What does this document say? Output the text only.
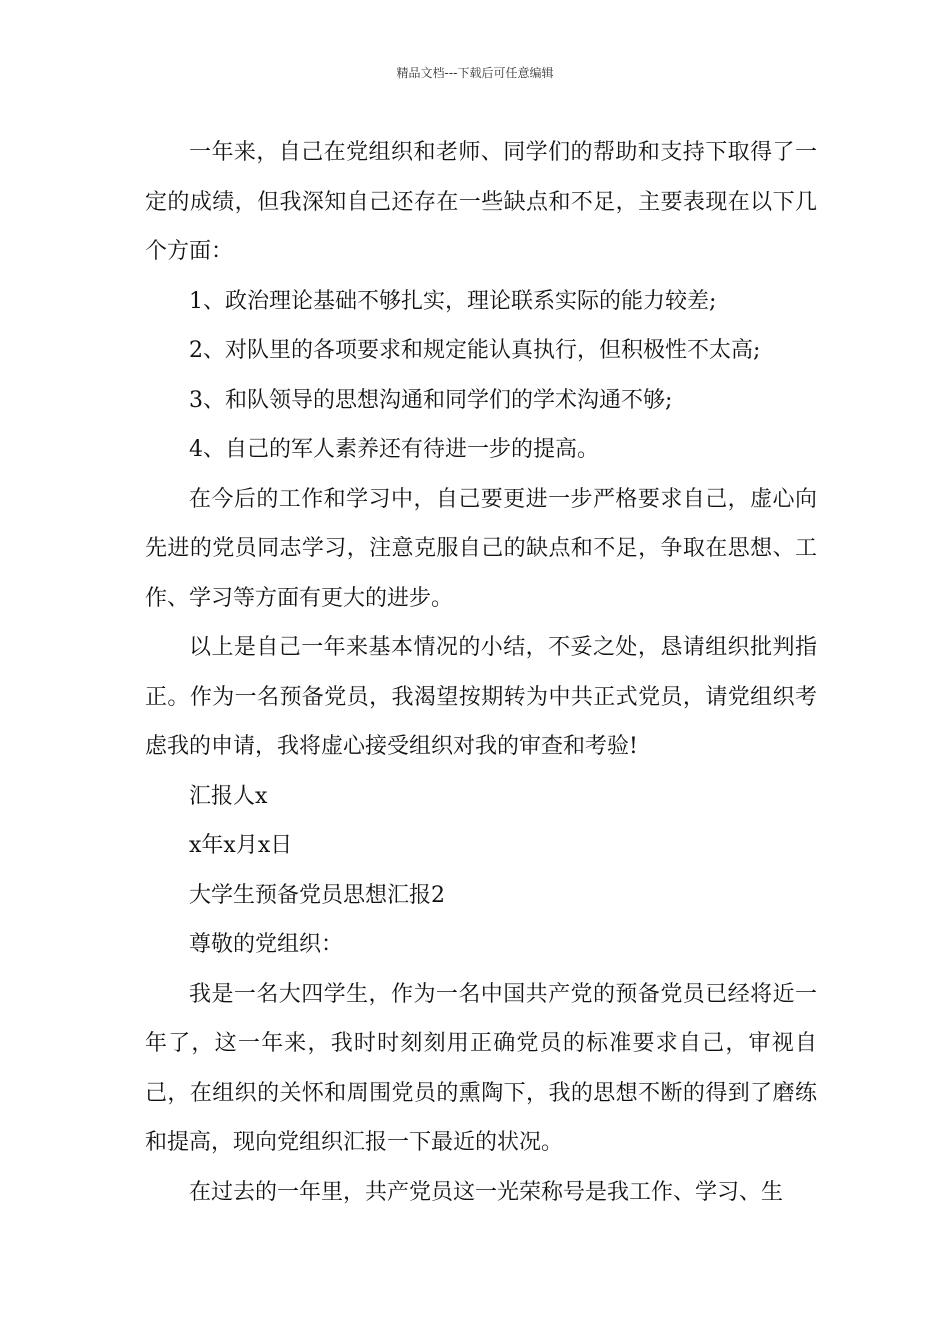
精品文档---下载后可任意编辑

一年来，自己在党组织和老师、同学们的帮助和支持下取得了一定的成绩，但我深知自己还存在一些缺点和不足，主要表现在以下几个方面：

1、政治理论基础不够扎实，理论联系实际的能力较差;

2、对队里的各项要求和规定能认真执行，但积极性不太高;

3、和队领导的思想沟通和同学们的学术沟通不够;

4、自己的军人素养还有待进一步的提高。

在今后的工作和学习中，自己要更进一步严格要求自己，虚心向先进的党员同志学习，注意克服自己的缺点和不足，争取在思想、工作、学习等方面有更大的进步。

以上是自己一年来基本情况的小结，不妥之处，恳请组织批判指正。作为一名预备党员，我渴望按期转为中共正式党员，请党组织考虑我的申请，我将虚心接受组织对我的审查和考验!

汇报人x

x年x月x日

大学生预备党员思想汇报2

尊敬的党组织：

我是一名大四学生，作为一名中国共产党的预备党员已经将近一年了，这一年来，我时时刻刻用正确党员的标准要求自己，审视自己，在组织的关怀和周围党员的熏陶下，我的思想不断的得到了磨练和提高，现向党组织汇报一下最近的状况。

在过去的一年里，共产党员这一光荣称号是我工作、学习、生
